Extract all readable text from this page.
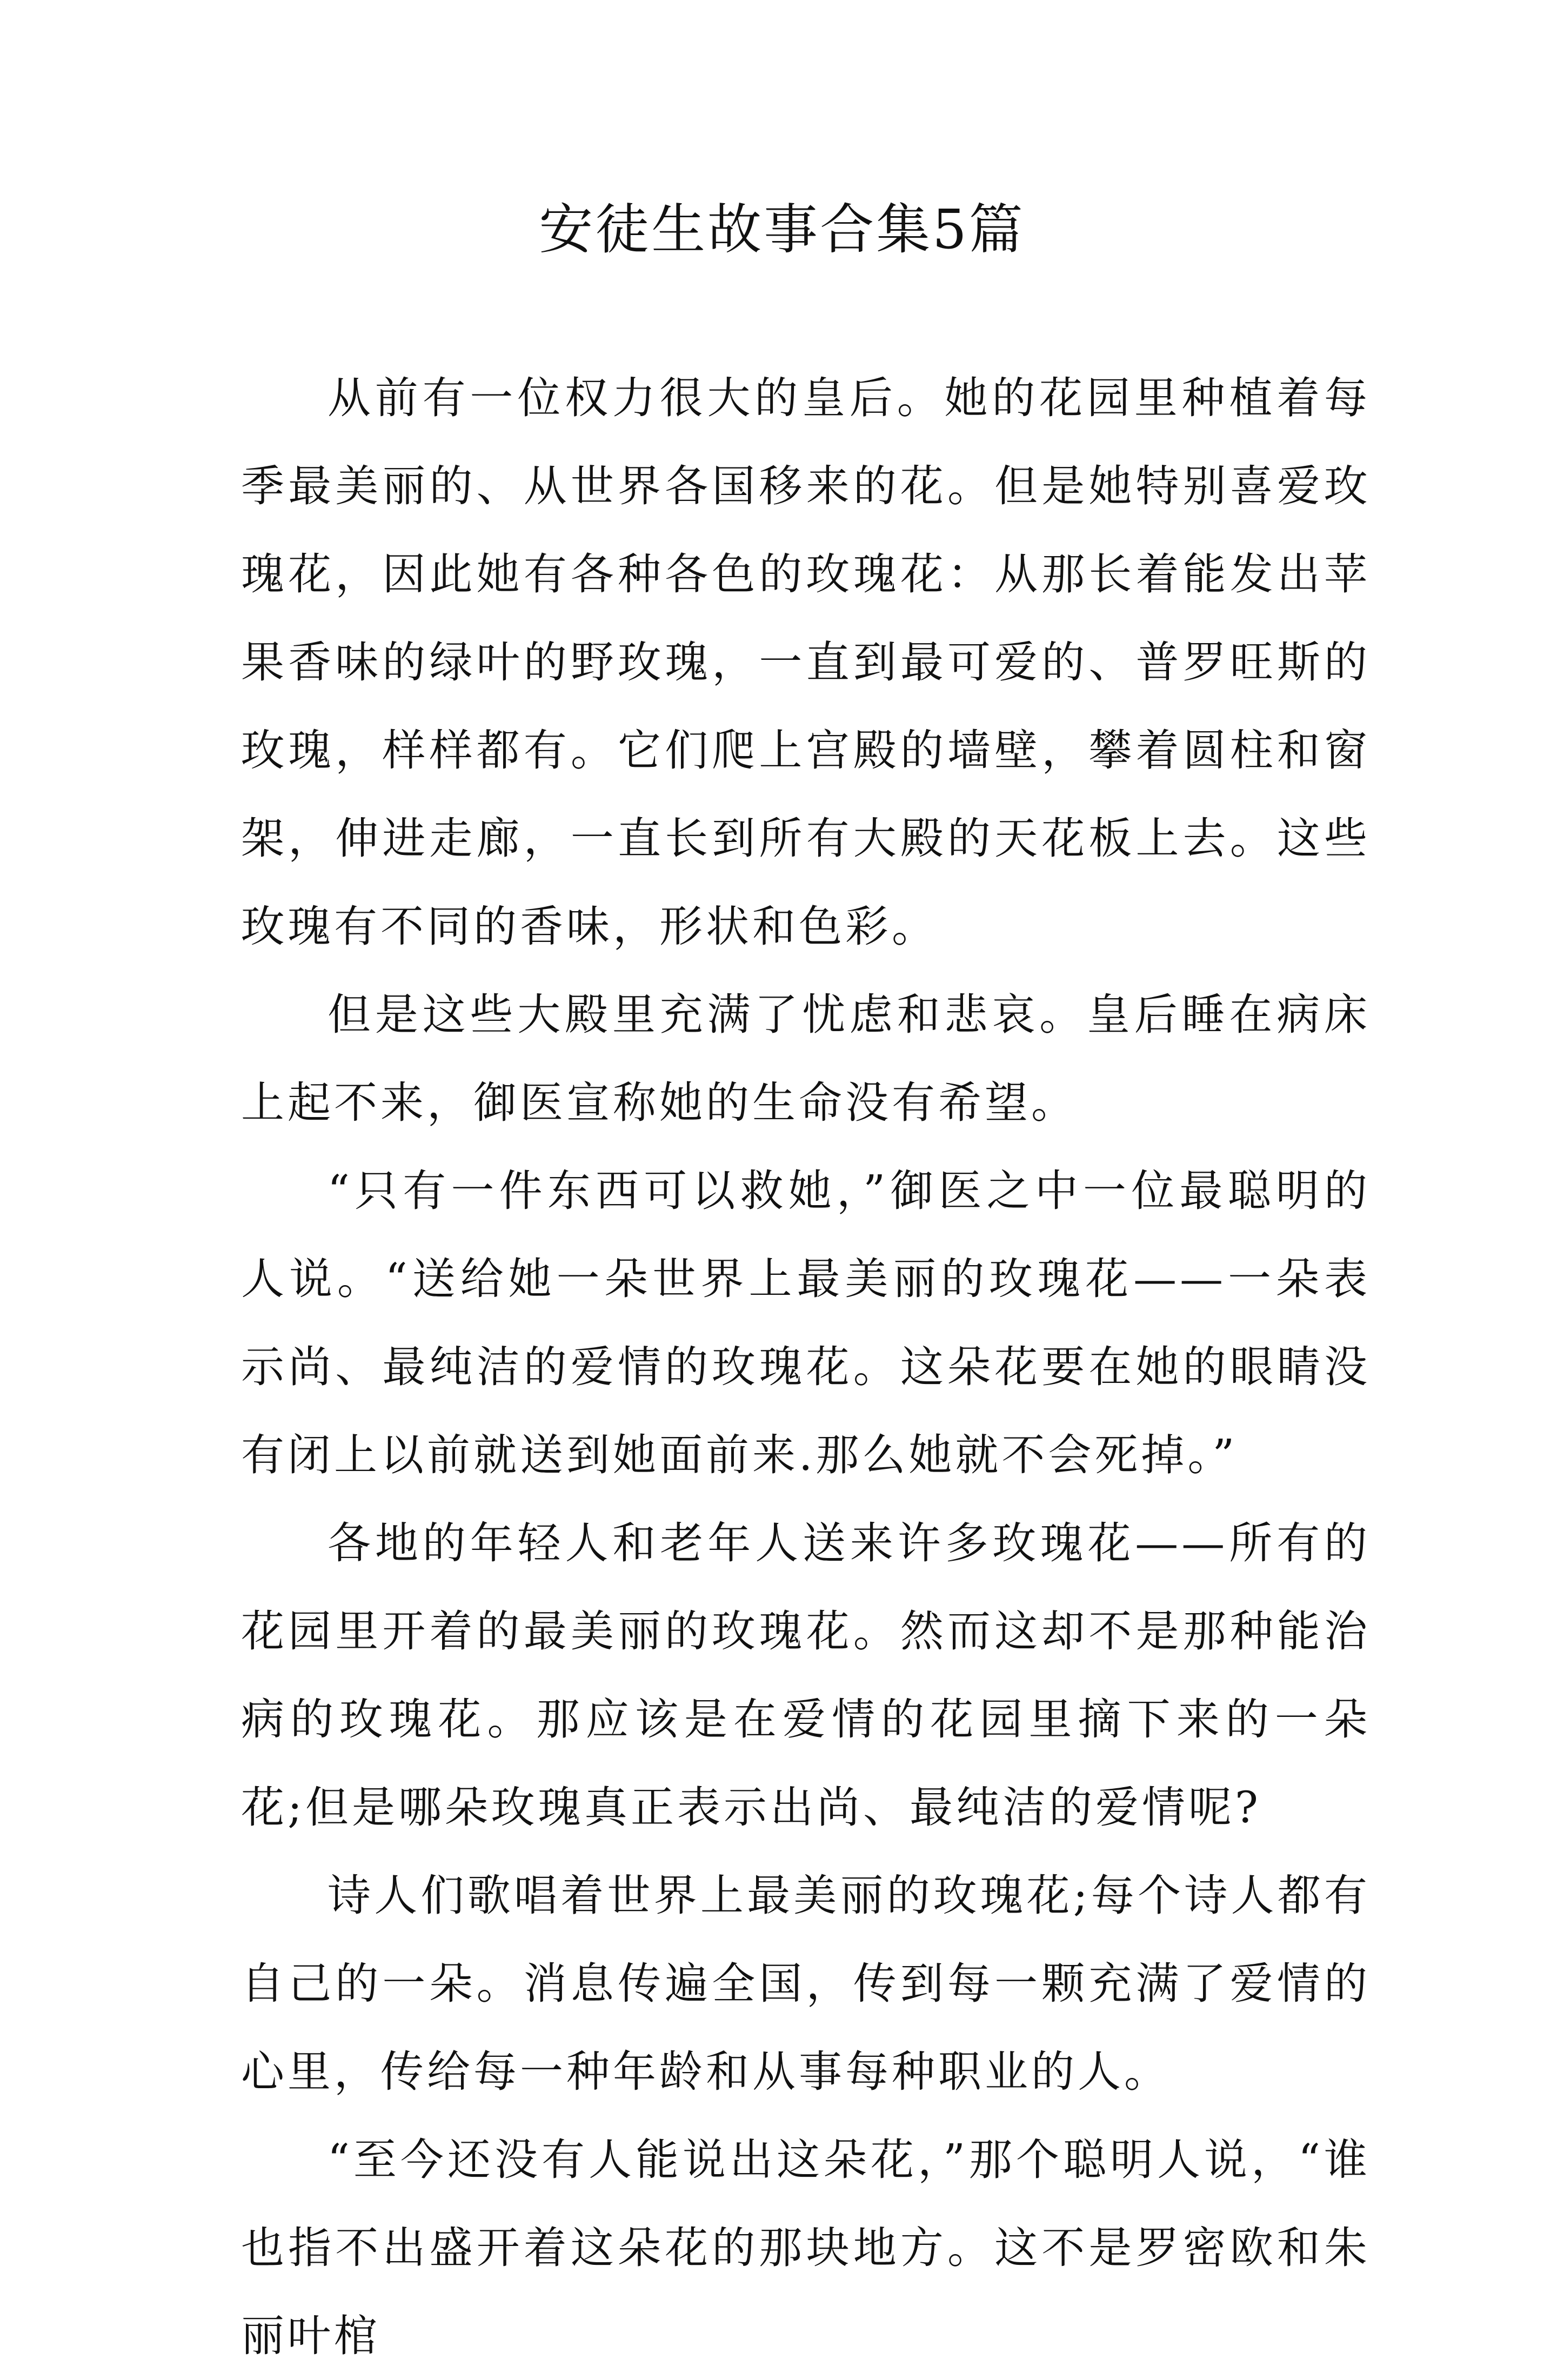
安徒生故事合集5篇

从前有一位权力很大的皇后。她的花园里种植着每季最美丽的、从世界各国移来的花。但是她特别喜爱玫瑰花，因此她有各种各色的玫瑰花：从那长着能发出苹果香味的绿叶的野玫瑰，一直到最可爱的、普罗旺斯的玫瑰，样样都有。它们爬上宫殿的墙壁，攀着圆柱和窗架，伸进走廊，一直长到所有大殿的天花板上去。这些玫瑰有不同的香味，形状和色彩。

但是这些大殿里充满了忧虑和悲哀。皇后睡在病床上起不来，御医宣称她的生命没有希望。

“只有一件东西可以救她，”御医之中一位最聪明的人说。“送给她一朵世界上最美丽的玫瑰花——一朵表示尚、最纯洁的爱情的玫瑰花。这朵花要在她的眼睛没有闭上以前就送到她面前来.那么她就不会死掉。”

各地的年轻人和老年人送来许多玫瑰花——所有的花园里开着的最美丽的玫瑰花。然而这却不是那种能治病的玫瑰花。那应该是在爱情的花园里摘下来的一朵花;但是哪朵玫瑰真正表示出尚、最纯洁的爱情呢?

诗人们歌唱着世界上最美丽的玫瑰花;每个诗人都有自己的一朵。消息传遍全国，传到每一颗充满了爱情的心里，传给每一种年龄和从事每种职业的人。

“至今还没有人能说出这朵花，”那个聪明人说，“谁也指不出盛开着这朵花的那块地方。这不是罗密欧和朱丽叶棺
